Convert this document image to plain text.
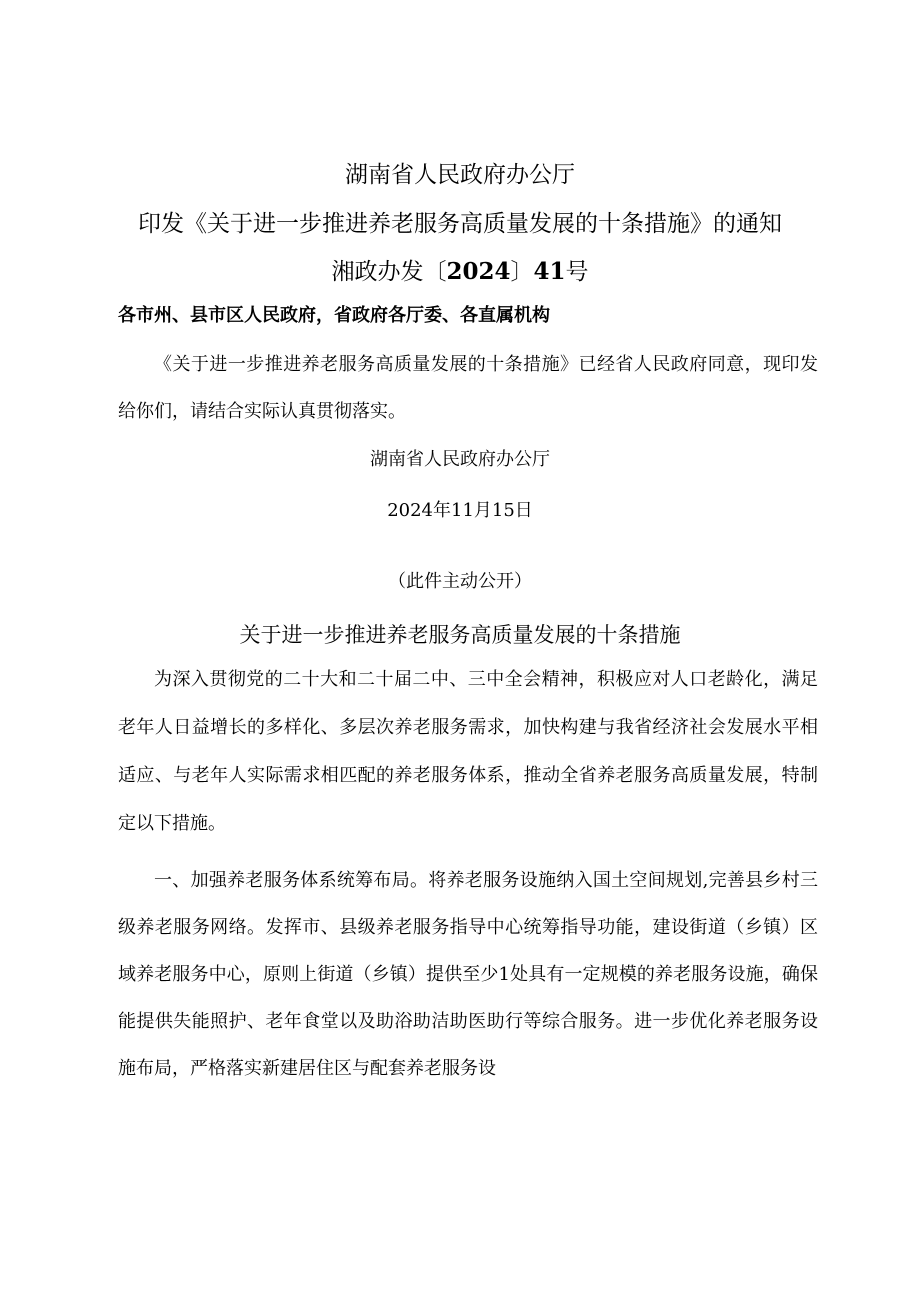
湖南省人民政府办公厅
印发《关于进一步推进养老服务高质量发展的十条措施》的通知
湘政办发〔2024〕41号
各市州、县市区人民政府，省政府各厅委、各直属机构
《关于进一步推进养老服务高质量发展的十条措施》已经省人民政府同意，现印发给你们，请结合实际认真贯彻落实。
湖南省人民政府办公厅
2024年11月15日
（此件主动公开）
关于进一步推进养老服务高质量发展的十条措施
为深入贯彻党的二十大和二十届二中、三中全会精神，积极应对人口老龄化，满足老年人日益增长的多样化、多层次养老服务需求，加快构建与我省经济社会发展水平相适应、与老年人实际需求相匹配的养老服务体系，推动全省养老服务高质量发展，特制定以下措施。
一、加强养老服务体系统筹布局。将养老服务设施纳入国土空间规划,完善县乡村三级养老服务网络。发挥市、县级养老服务指导中心统筹指导功能，建设街道（乡镇）区域养老服务中心，原则上街道（乡镇）提供至少1处具有一定规模的养老服务设施，确保能提供失能照护、老年食堂以及助浴助洁助医助行等综合服务。进一步优化养老服务设施布局，严格落实新建居住区与配套养老服务设
